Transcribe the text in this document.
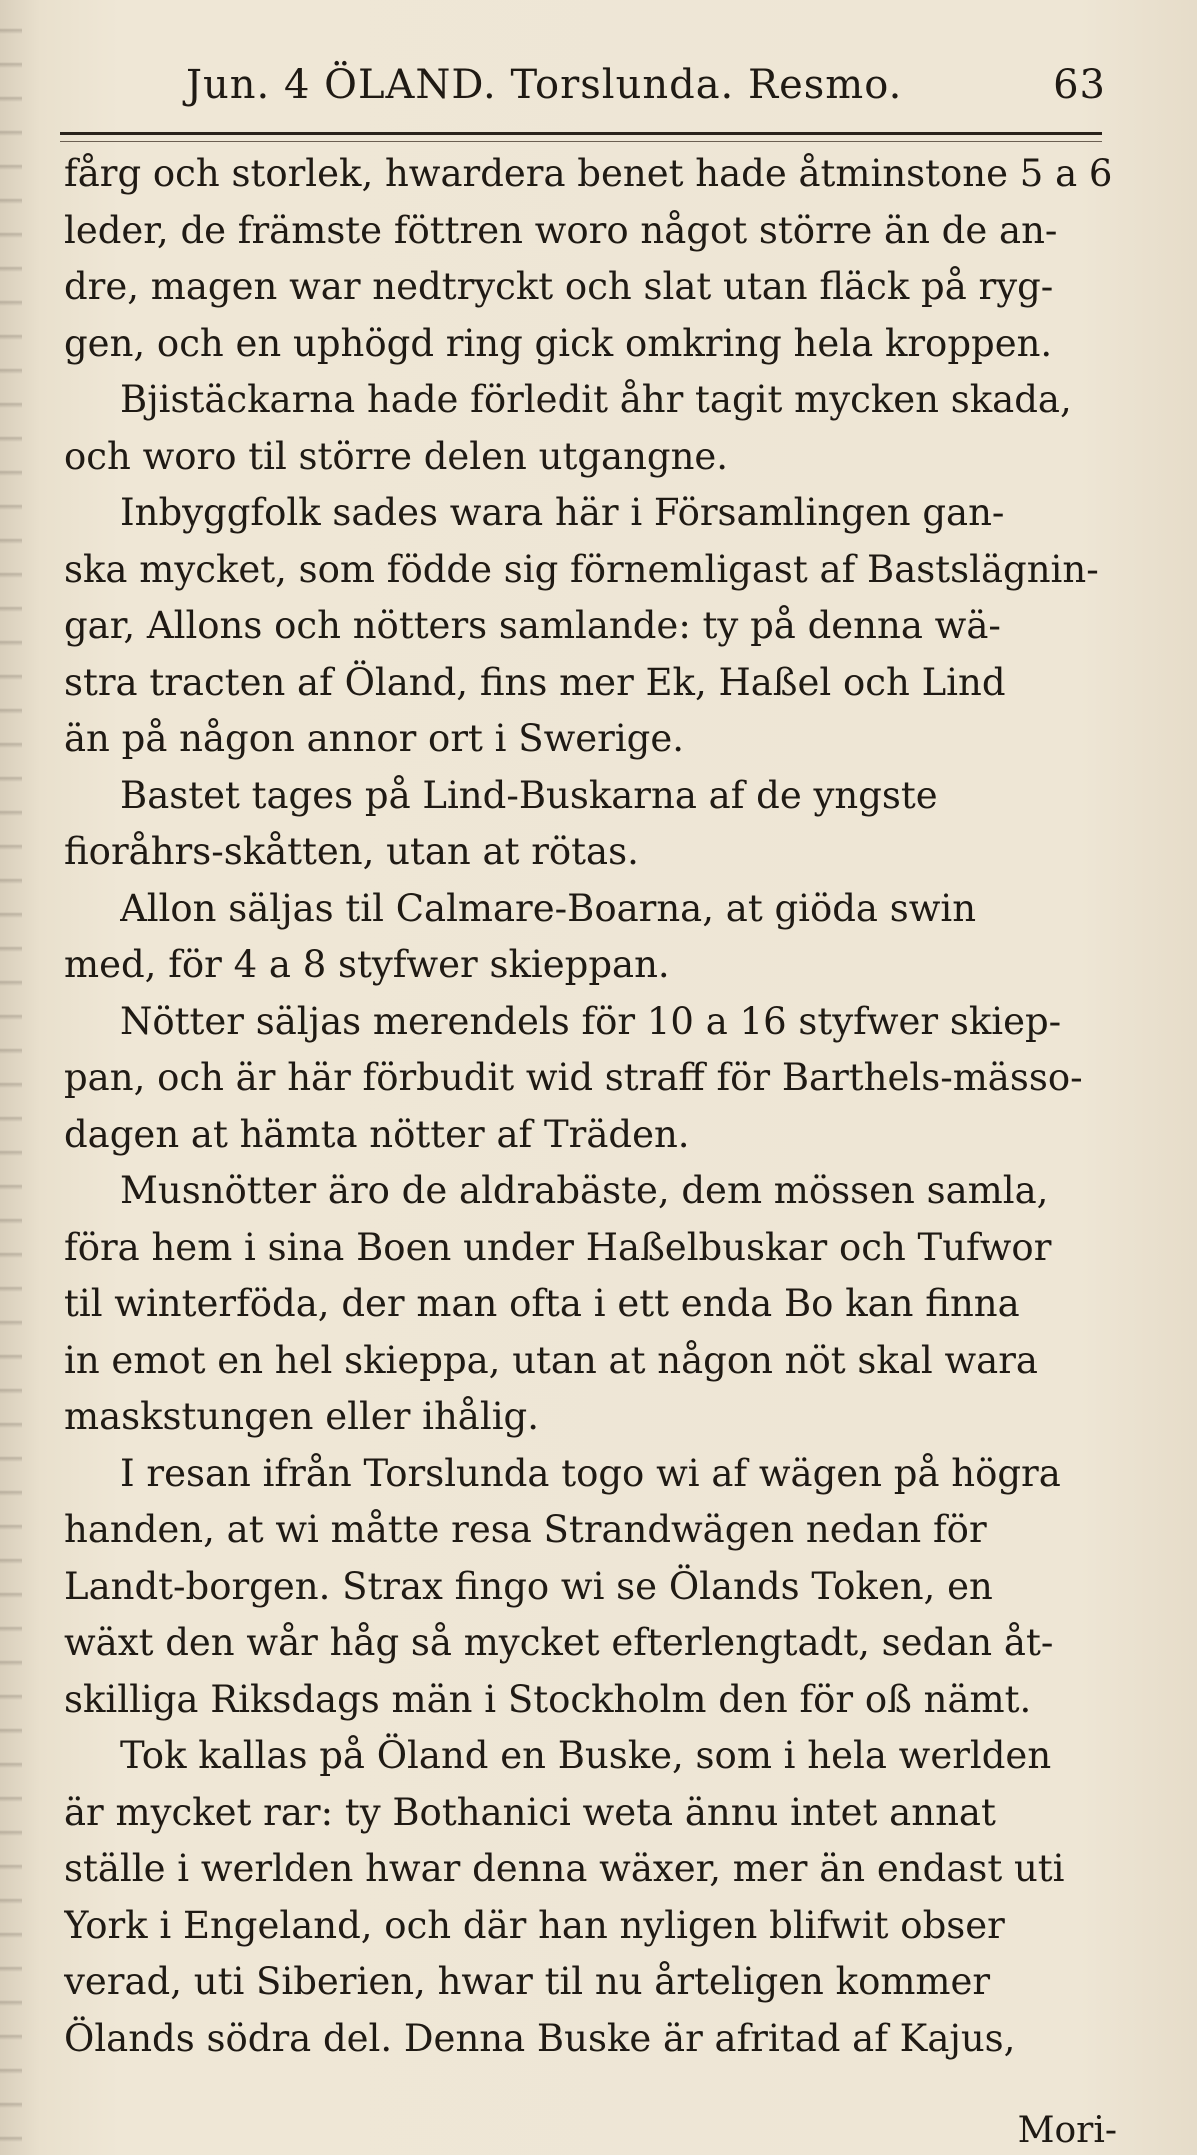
Jun. 4 ÖLAND. Torslunda. Resmo.	63
fårg och storlek, hwardera benet hade åtminstone 5 a 6
leder, de främste föttren woro något större än de an-
dre, magen war nedtryckt och slat utan fläck på ryg-
gen, och en uphögd ring gick omkring hela kroppen.
Bjistäckarna hade förledit åhr tagit mycken skada,
och woro til större delen utgangne.
Inbyggfolk sades wara här i Församlingen gan-
ska mycket, som födde sig förnemligast af Bastslägnin-
gar, Allons och nötters samlande: ty på denna wä-
stra tracten af Öland, fins mer Ek, Haßel och Lind
än på någon annor ort i Swerige.
Bastet tages på Lind-Buskarna af de yngste
fioråhrs-skåtten, utan at rötas.
Allon säljas til Calmare-Boarna, at giöda swin
med, för 4 a 8 styfwer skieppan.
Nötter säljas merendels för 10 a 16 styfwer skiep-
pan, och är här förbudit wid straff för Barthels-mässo-
dagen at hämta nötter af Träden.
Musnötter äro de aldrabäste, dem mössen samla,
föra hem i sina Boen under Haßelbuskar och Tufwor
til winterföda, der man ofta i ett enda Bo kan finna
in emot en hel skieppa, utan at någon nöt skal wara
maskstungen eller ihålig.
I resan ifrån Torslunda togo wi af wägen på högra
handen, at wi måtte resa Strandwägen nedan för
Landt-borgen. Strax fingo wi se Ölands Token, en
wäxt den wår håg så mycket efterlengtadt, sedan åt-
skilliga Riksdags män i Stockholm den för oß nämt.
Tok kallas på Öland en Buske, som i hela werlden
är mycket rar: ty Bothanici weta ännu intet annat
ställe i werlden hwar denna wäxer, mer än endast uti
York i Engeland, och där han nyligen blifwit obser
verad, uti Siberien, hwar til nu årteligen kommer
Ölands södra del. Denna Buske är afritad af Kajus,
Mori-
